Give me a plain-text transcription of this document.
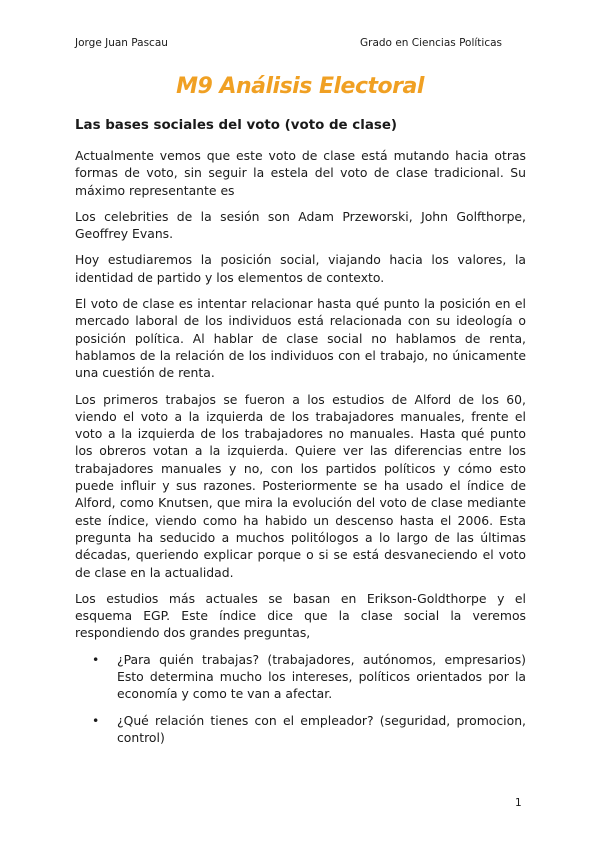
Jorge Juan Pascau	Grado en Ciencias Políticas
M9 Análisis Electoral
Las bases sociales del voto (voto de clase)

Actualmente vemos que este voto de clase está mutando hacia otras formas de voto, sin seguir la estela del voto de clase tradicional. Su máximo representante es

Los celebrities de la sesión son Adam Przeworski, John Golfthorpe, Geoffrey Evans.

Hoy estudiaremos la posición social, viajando hacia los valores, la identidad de partido y los elementos de contexto.

El voto de clase es intentar relacionar hasta qué punto la posición en el mercado laboral de los individuos está relacionada con su ideología o posición política. Al hablar de clase social no hablamos de renta, hablamos de la relación de los individuos con el trabajo, no únicamente una cuestión de renta.

Los primeros trabajos se fueron a los estudios de Alford de los 60, viendo el voto a la izquierda de los trabajadores manuales, frente el voto a la izquierda de los trabajadores no manuales. Hasta qué punto los obreros votan a la izquierda. Quiere ver las diferencias entre los trabajadores manuales y no, con los partidos políticos y cómo esto puede influir y sus razones. Posteriormente se ha usado el índice de Alford, como Knutsen, que mira la evolución del voto de clase mediante este índice, viendo como ha habido un descenso hasta el 2006. Esta pregunta ha seducido a muchos politólogos a lo largo de las últimas décadas, queriendo explicar porque o si se está desvaneciendo el voto de clase en la actualidad.

Los estudios más actuales se basan en Erikson-Goldthorpe y el esquema EGP. Este índice dice que la clase social la veremos respondiendo dos grandes preguntas,

• ¿Para quién trabajas? (trabajadores, autónomos, empresarios) Esto determina mucho los intereses, políticos orientados por la economía y como te van a afectar.
• ¿Qué relación tienes con el empleador? (seguridad, promocion, control)
1
